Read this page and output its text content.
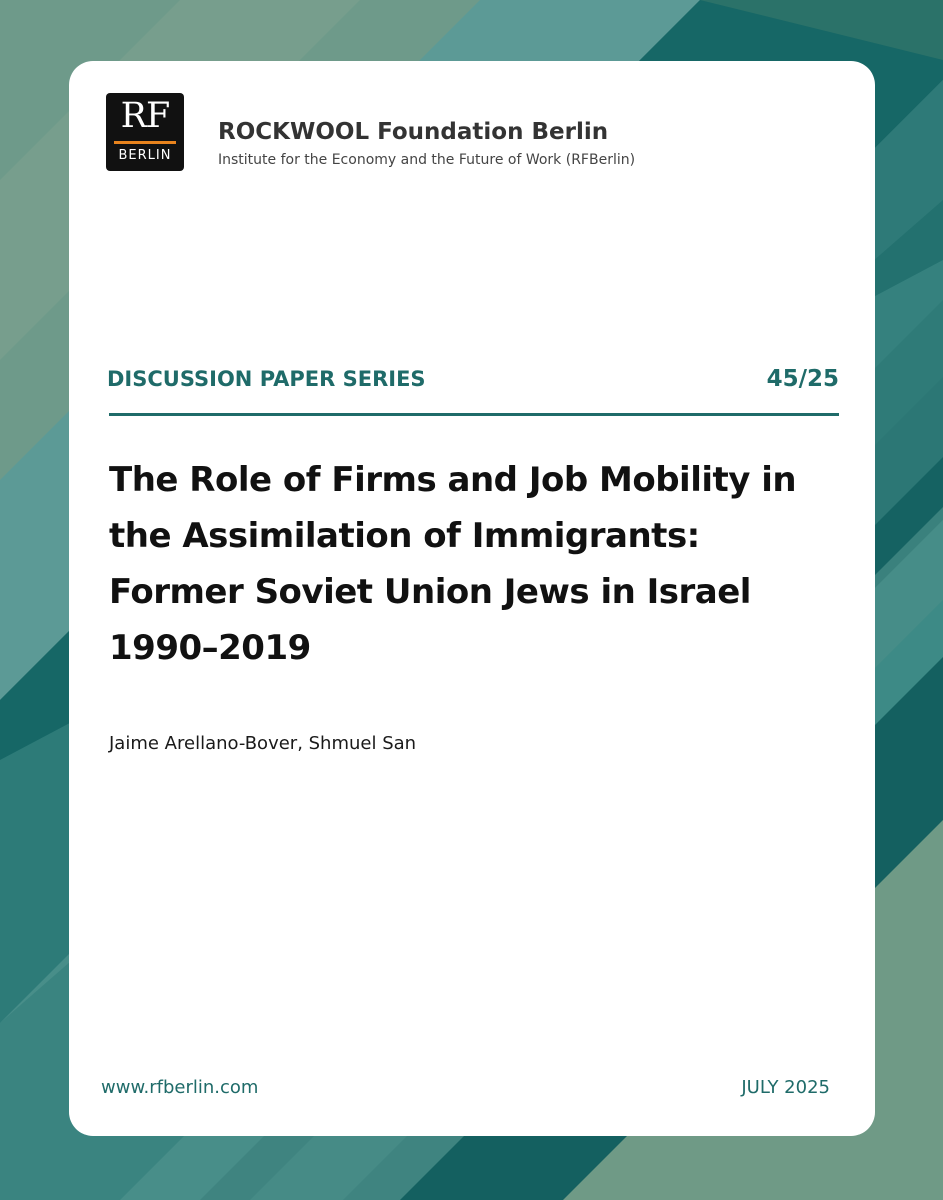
RF
BERLIN
ROCKWOOL Foundation Berlin
Institute for the Economy and the Future of Work (RFBerlin)
DISCUSSION PAPER SERIES	45/25
The Role of Firms and Job Mobility in
the Assimilation of Immigrants:
Former Soviet Union Jews in Israel
1990–2019
Jaime Arellano-Bover, Shmuel San
www.rfberlin.com	JULY 2025
